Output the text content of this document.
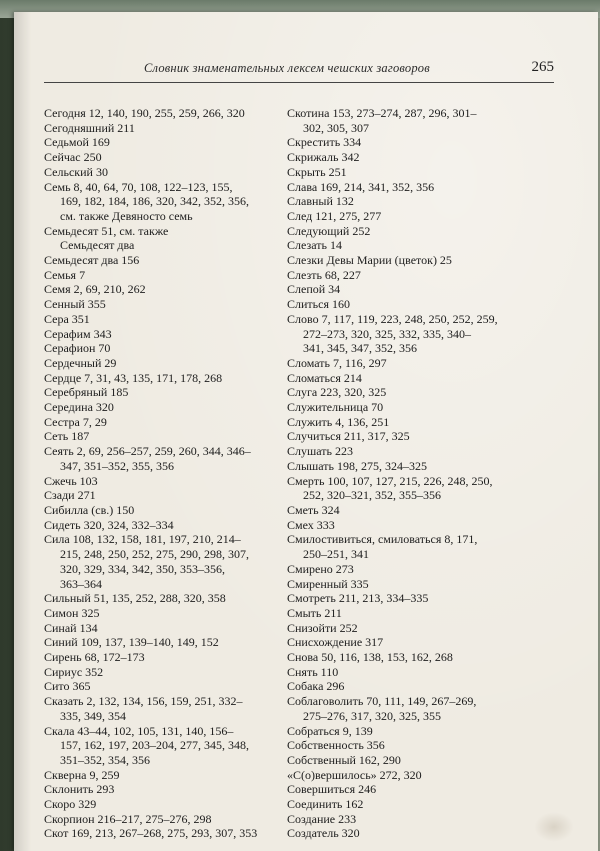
Словник знаменательных лексем чешских заговоров	265
Сегодня 12, 140, 190, 255, 259, 266, 320
Сегодняшний 211
Седьмой 169
Сейчас 250
Сельский 30
Семь 8, 40, 64, 70, 108, 122–123, 155,
169, 182, 184, 186, 320, 342, 352, 356,
см. также Девяносто семь
Семьдесят 51, см. также
Семьдесят два
Семьдесят два 156
Семья 7
Семя 2, 69, 210, 262
Сенный 355
Сера 351
Серафим 343
Серафион 70
Сердечный 29
Сердце 7, 31, 43, 135, 171, 178, 268
Серебряный 185
Середина 320
Сестра 7, 29
Сеть 187
Сеять 2, 69, 256–257, 259, 260, 344, 346–
347, 351–352, 355, 356
Сжечь 103
Сзади 271
Сибилла (св.) 150
Сидеть 320, 324, 332–334
Сила 108, 132, 158, 181, 197, 210, 214–
215, 248, 250, 252, 275, 290, 298, 307,
320, 329, 334, 342, 350, 353–356,
363–364
Сильный 51, 135, 252, 288, 320, 358
Симон 325
Синай 134
Синий 109, 137, 139–140, 149, 152
Сирень 68, 172–173
Сириус 352
Сито 365
Сказать 2, 132, 134, 156, 159, 251, 332–
335, 349, 354
Скала 43–44, 102, 105, 131, 140, 156–
157, 162, 197, 203–204, 277, 345, 348,
351–352, 354, 356
Скверна 9, 259
Склонить 293
Скоро 329
Скорпион 216–217, 275–276, 298
Скот 169, 213, 267–268, 275, 293, 307, 353
Скотина 153, 273–274, 287, 296, 301–
302, 305, 307
Скрестить 334
Скрижаль 342
Скрыть 251
Слава 169, 214, 341, 352, 356
Славный 132
След 121, 275, 277
Следующий 252
Слезать 14
Слезки Девы Марии (цветок) 25
Слезть 68, 227
Слепой 34
Слиться 160
Слово 7, 117, 119, 223, 248, 250, 252, 259,
272–273, 320, 325, 332, 335, 340–
341, 345, 347, 352, 356
Сломать 7, 116, 297
Сломаться 214
Слуга 223, 320, 325
Служительница 70
Служить 4, 136, 251
Случиться 211, 317, 325
Слушать 223
Слышать 198, 275, 324–325
Смерть 100, 107, 127, 215, 226, 248, 250,
252, 320–321, 352, 355–356
Сметь 324
Смех 333
Смилостивиться, смиловаться 8, 171,
250–251, 341
Смирено 273
Смиренный 335
Смотреть 211, 213, 334–335
Смыть 211
Снизойти 252
Снисхождение 317
Снова 50, 116, 138, 153, 162, 268
Снять 110
Собака 296
Соблаговолить 70, 111, 149, 267–269,
275–276, 317, 320, 325, 355
Собраться 9, 139
Собственность 356
Собственный 162, 290
«С(о)вершилось» 272, 320
Совершиться 246
Соединить 162
Создание 233
Создатель 320
